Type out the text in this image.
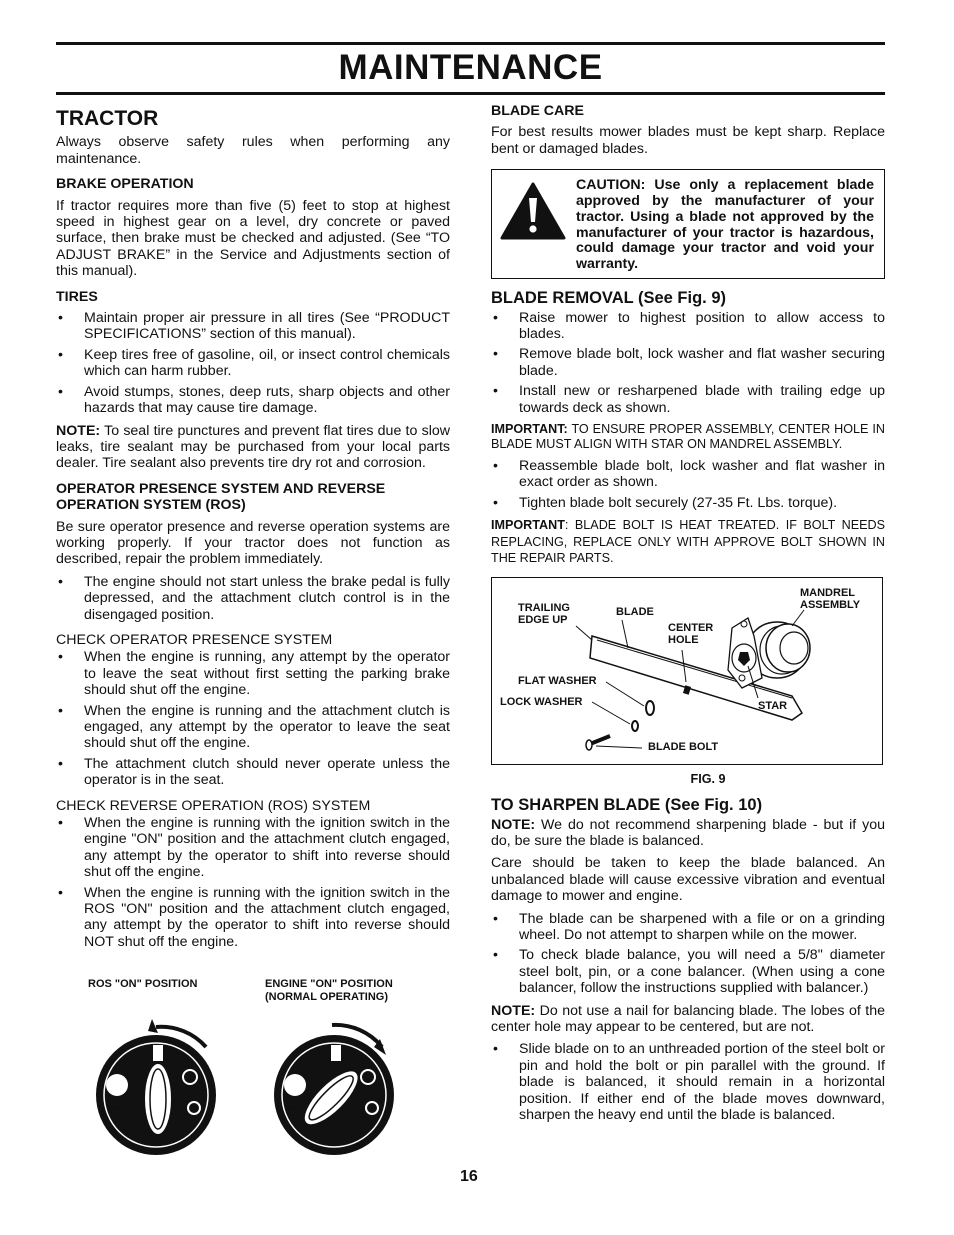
MAINTENANCE
TRACTOR

Always observe safety rules when performing any maintenance.

BRAKE OPERATION

If tractor requires more than five (5) feet to stop at highest speed in highest gear on a level, dry concrete or paved surface, then brake must be checked and adjusted. (See “TO ADJUST BRAKE” in the Service and Adjustments section of this manual).

TIRES
• Maintain proper air pressure in all tires (See “PRODUCT SPECIFICATIONS” section of this manual).
• Keep tires free of gasoline, oil, or insect control chemicals which can harm rubber.
• Avoid stumps, stones, deep ruts, sharp objects and other hazards that may cause tire damage.

NOTE: To seal tire punctures and prevent flat tires due to slow leaks, tire sealant may be purchased from your local parts dealer. Tire sealant also prevents tire dry rot and corrosion.

OPERATOR PRESENCE SYSTEM AND REVERSE OPERATION SYSTEM (ROS)

Be sure operator presence and reverse operation systems are working properly. If your tractor does not function as described, repair the problem immediately.

• The engine should not start unless the brake pedal is fully depressed, and the attachment clutch control is in the disengaged position.
CHECK OPERATOR PRESENCE SYSTEM
• When the engine is running, any attempt by the operator to leave the seat without first setting the parking brake should shut off the engine.
• When the engine is running and the attachment clutch is engaged, any attempt by the operator to leave the seat should shut off the engine.
• The attachment clutch should never operate unless the operator is in the seat.
CHECK REVERSE OPERATION (ROS) SYSTEM
• When the engine is running with the ignition switch in the engine "ON" position and the attachment clutch engaged, any attempt by the operator to shift into reverse should shut off the engine.
• When the engine is running with the ignition switch in the ROS "ON" position and the attachment clutch engaged, any attempt by the operator to shift into reverse should NOT shut off the engine.
ROS "ON" POSITION	ENGINE "ON" POSITION
(NORMAL OPERATING)
STOP	STOP
BLADE CARE

For best results mower blades must be kept sharp. Replace bent or damaged blades.

CAUTION: Use only a replacement blade approved by the manufacturer of your tractor. Using a blade not approved by the manufacturer of your tractor is hazardous, could damage your tractor and void your warranty.
BLADE REMOVAL (See Fig. 9)
• Raise mower to highest position to allow access to blades.
• Remove blade bolt, lock washer and flat washer securing blade.
• Install new or resharpened blade with trailing edge up towards deck as shown.

IMPORTANT: TO ENSURE PROPER ASSEMBLY, CENTER HOLE IN BLADE MUST ALIGN WITH STAR ON MANDREL ASSEMBLY.

• Reassemble blade bolt, lock washer and flat washer in exact order as shown.
• Tighten blade bolt securely (27-35 Ft. Lbs. torque).

IMPORTANT: BLADE BOLT IS HEAT TREATED. IF BOLT NEEDS REPLACING, REPLACE ONLY WITH APPROVE BOLT SHOWN IN THE REPAIR PARTS.

TRAILING
EDGE UP
BLADE
CENTER
HOLE
MANDREL
ASSEMBLY
FLAT WASHER
LOCK WASHER	STAR
BLADE BOLT
FIG. 9
TO SHARPEN BLADE (See Fig. 10)

NOTE: We do not recommend sharpening blade - but if you do, be sure the blade is balanced.

Care should be taken to keep the blade balanced. An unbalanced blade will cause excessive vibration and eventual damage to mower and engine.

• The blade can be sharpened with a file or on a grinding wheel. Do not attempt to sharpen while on the mower.
• To check blade balance, you will need a 5/8" diameter steel bolt, pin, or a cone balancer. (When using a cone balancer, follow the instructions supplied with balancer.)

NOTE: Do not use a nail for balancing blade. The lobes of the center hole may appear to be centered, but are not.

• Slide blade on to an unthreaded portion of the steel bolt or pin and hold the bolt or pin parallel with the ground. If blade is balanced, it should remain in a horizontal position. If either end of the blade moves downward, sharpen the heavy end until the blade is balanced.
16
